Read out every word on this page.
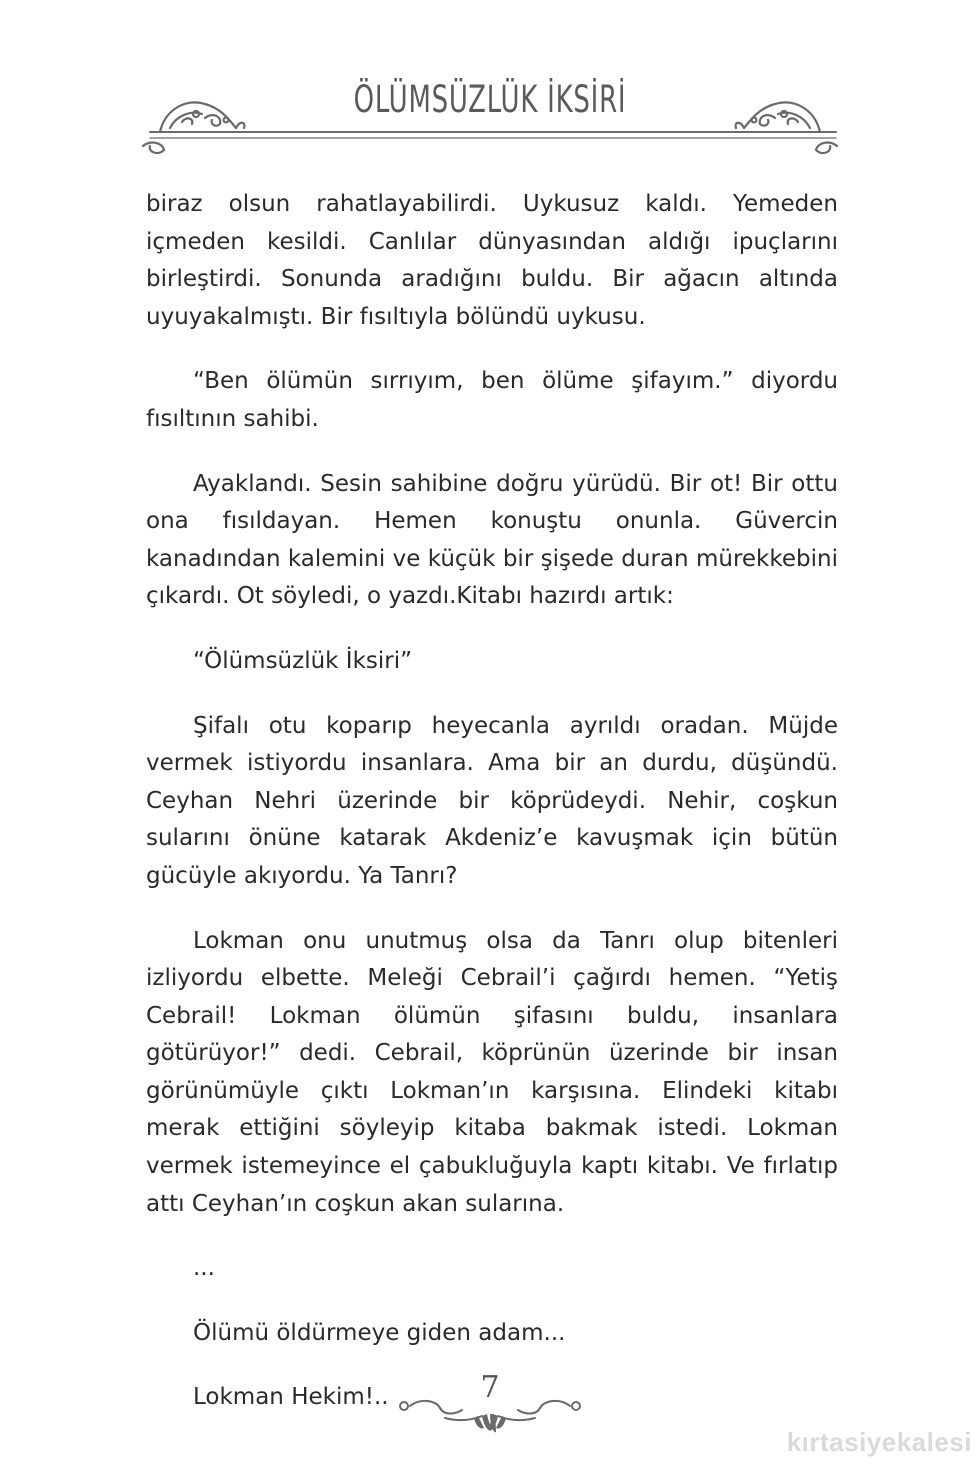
ÖLÜMSÜZLÜK İKSİRİ

biraz olsun rahatlayabilirdi. Uykusuz kaldı. Yemeden içmeden kesildi. Canlılar dünyasından aldığı ipuçlarını birleştirdi. Sonunda aradığını buldu. Bir ağacın altında uyuyakalmıştı. Bir fısıltıyla bölündü uykusu.

“Ben ölümün sırrıyım, ben ölüme şifayım.” diyordu fısıltının sahibi.

Ayaklandı. Sesin sahibine doğru yürüdü. Bir ot! Bir ottu ona fısıldayan. Hemen konuştu onunla. Güvercin kanadından kalemini ve küçük bir şişede duran mürekkebini çıkardı. Ot söyledi, o yazdı.Kitabı hazırdı artık:

“Ölümsüzlük İksiri”

Şifalı otu koparıp heyecanla ayrıldı oradan. Müjde vermek istiyordu insanlara. Ama bir an durdu, düşündü. Ceyhan Nehri üzerinde bir köprüdeydi. Nehir, coşkun sularını önüne katarak Akdeniz’e kavuşmak için bütün gücüyle akıyordu. Ya Tanrı?

Lokman onu unutmuş olsa da Tanrı olup bitenleri izliyordu elbette. Meleği Cebrail’i çağırdı hemen. “Yetiş Cebrail! Lokman ölümün şifasını buldu, insanlara götürüyor!” dedi. Cebrail, köprünün üzerinde bir insan görünümüyle çıktı Lokman’ın karşısına. Elindeki kitabı merak ettiğini söyleyip kitaba bakmak istedi. Lokman vermek istemeyince el çabukluğuyla kaptı kitabı. Ve fırlatıp attı Ceyhan’ın coşkun akan sularına.

...

Ölümü öldürmeye giden adam...

Lokman Hekim!..	7
kırtasiyekalesi
